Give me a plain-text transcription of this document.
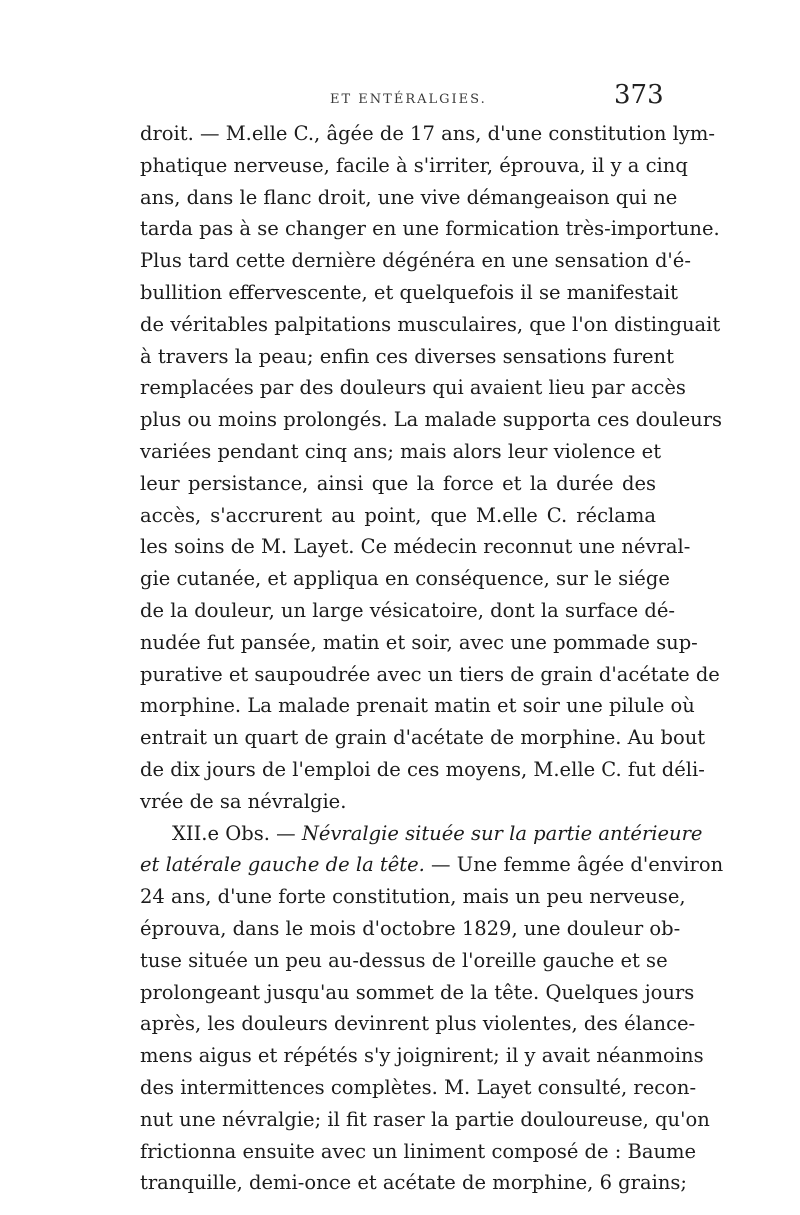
ET ENTÉRALGIES.	373
droit. — M.elle C., âgée de 17 ans, d'une constitution lym-
phatique nerveuse, facile à s'irriter, éprouva, il y a cinq
ans, dans le flanc droit, une vive démangeaison qui ne
tarda pas à se changer en une formication très-importune.
Plus tard cette dernière dégénéra en une sensation d'é-
bullition effervescente, et quelquefois il se manifestait
de véritables palpitations musculaires, que l'on distinguait
à travers la peau; enfin ces diverses sensations furent
remplacées par des douleurs qui avaient lieu par accès
plus ou moins prolongés. La malade supporta ces douleurs
variées pendant cinq ans; mais alors leur violence et
leur persistance, ainsi que la force et la durée des
accès, s'accrurent au point, que M.elle C. réclama
les soins de M. Layet. Ce médecin reconnut une névral-
gie cutanée, et appliqua en conséquence, sur le siége
de la douleur, un large vésicatoire, dont la surface dé-
nudée fut pansée, matin et soir, avec une pommade sup-
purative et saupoudrée avec un tiers de grain d'acétate de
morphine. La malade prenait matin et soir une pilule où
entrait un quart de grain d'acétate de morphine. Au bout
de dix jours de l'emploi de ces moyens, M.elle C. fut déli-
vrée de sa névralgie.
XII.e Obs. — Névralgie située sur la partie antérieure
et latérale gauche de la tête. — Une femme âgée d'environ
24 ans, d'une forte constitution, mais un peu nerveuse,
éprouva, dans le mois d'octobre 1829, une douleur ob-
tuse située un peu au-dessus de l'oreille gauche et se
prolongeant jusqu'au sommet de la tête. Quelques jours
après, les douleurs devinrent plus violentes, des élance-
mens aigus et répétés s'y joignirent; il y avait néanmoins
des intermittences complètes. M. Layet consulté, recon-
nut une névralgie; il fit raser la partie douloureuse, qu'on
frictionna ensuite avec un liniment composé de : Baume
tranquille, demi-once et acétate de morphine, 6 grains;
